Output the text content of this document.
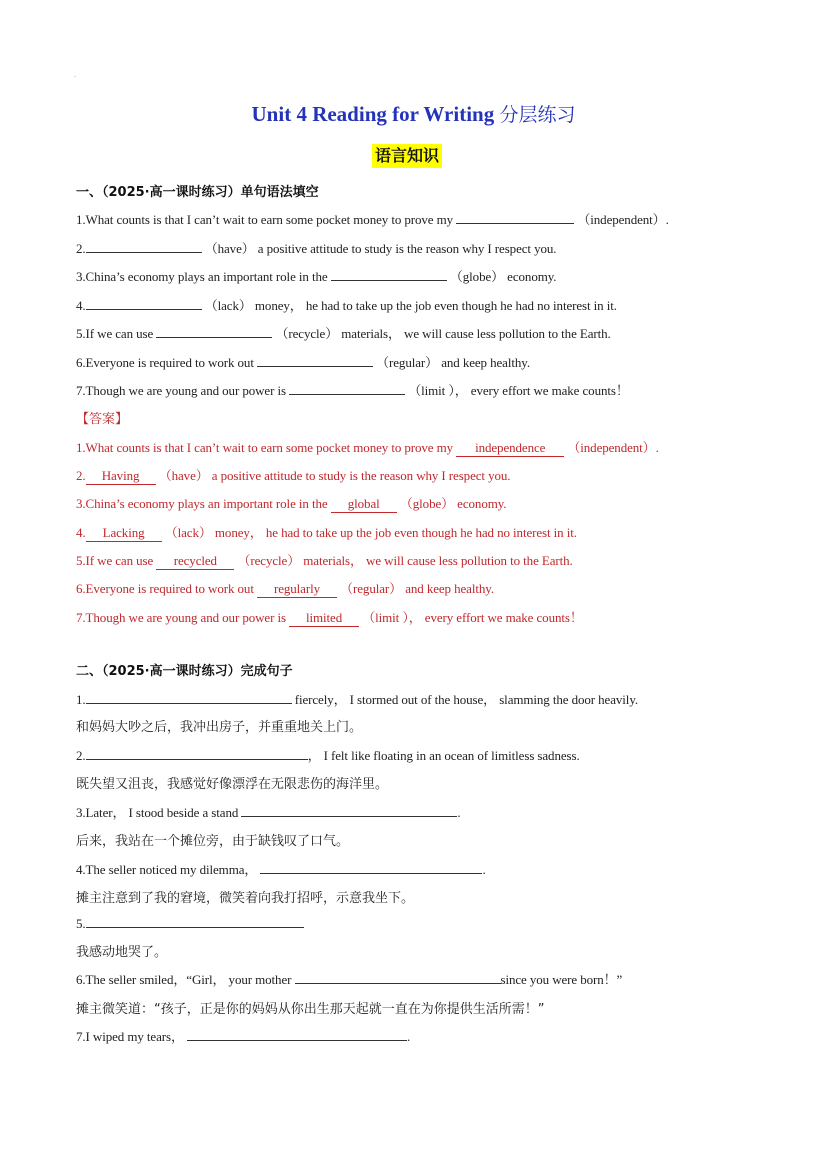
.
Unit 4 Reading for Writing 分层练习
语言知识
一、（2025·高一课时练习）单句语法填空
1.What counts is that I can’t wait to earn some pocket money to prove my	（independent）.
2.	（have） a positive attitude to study is the reason why I respect you.
3.China’s economy plays an important role in the	（globe） economy.
4.	（lack） money， he had to take up the job even though he had no interest in it.
5.If we can use	（recycle） materials， we will cause less pollution to the Earth.
6.Everyone is required to work out	（regular） and keep healthy.
7.Though we are young and our power is	（limit ）， every effort we make counts！
【答案】
1.What counts is that I can’t wait to earn some pocket money to prove my independence （independent）.
2. Having （have） a positive attitude to study is the reason why I respect you.
3.China’s economy plays an important role in the global （globe） economy.
4. Lacking （lack） money， he had to take up the job even though he had no interest in it.
5.If we can use recycled （recycle） materials， we will cause less pollution to the Earth.
6.Everyone is required to work out regularly （regular） and keep healthy.
7.Though we are young and our power is limited （limit ）， every effort we make counts！
二、（2025·高一课时练习）完成句子
1.	fiercely， I stormed out of the house， slamming the door heavily.
和妈妈大吵之后，我冲出房子，并重重地关上门。
2.	， I felt like floating in an ocean of limitless sadness.
既失望又沮丧，我感觉好像漂浮在无限悲伤的海洋里。
3.Later， I stood beside a stand	.
后来，我站在一个摊位旁，由于缺钱叹了口气。
4.The seller noticed my dilemma，	.
摊主注意到了我的窘境，微笑着向我打招呼，示意我坐下。
5.
我感动地哭了。
6.The seller smiled，“Girl， your mother	since you were born！”
摊主微笑道：“孩子，正是你的妈妈从你出生那天起就一直在为你提供生活所需！”
7.I wiped my tears，	.
